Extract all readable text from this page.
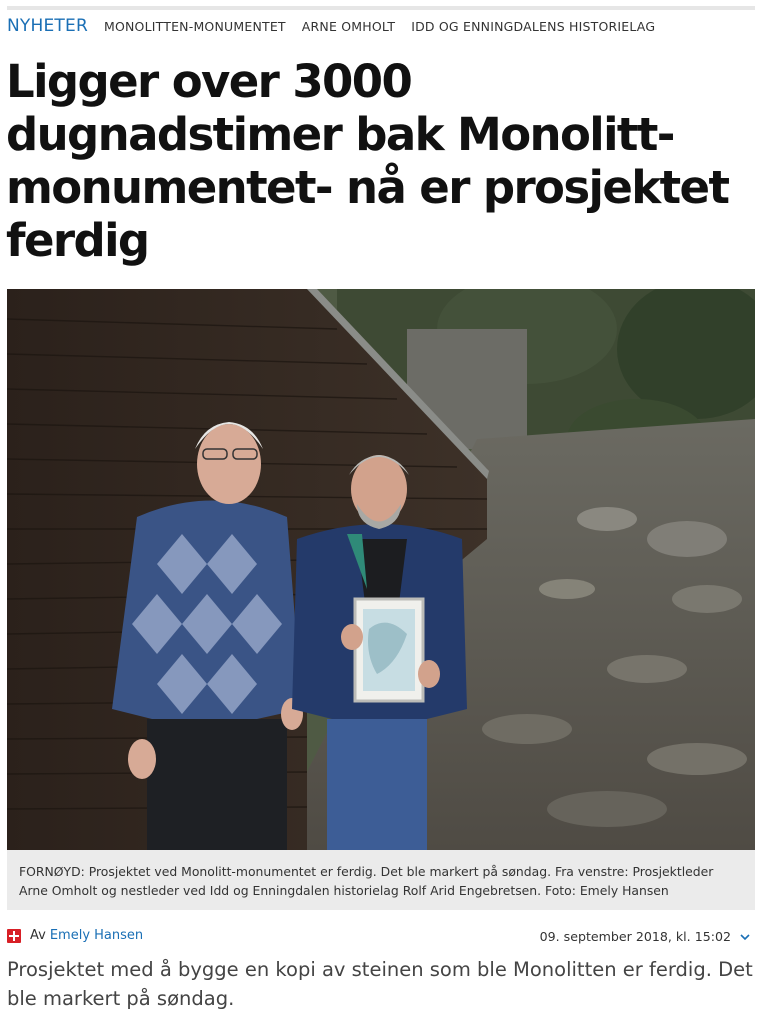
NYHETER MONOLITTEN-MONUMENTET ARNE OMHOLT IDD OG ENNINGDALENS HISTORIELAG
Ligger over 3000 dugnadstimer bak Monolitt-monumentet- nå er prosjektet ferdig
FORNØYD: Prosjektet ved Monolitt-monumentet er ferdig. Det ble markert på søndag. Fra venstre: Prosjektleder Arne Omholt og nestleder ved Idd og Enningdalen historielag Rolf Arid Engebretsen. Foto: Emely Hansen
Av Emely Hansen	09. september 2018, kl. 15:02

Prosjektet med å bygge en kopi av steinen som ble Monolitten er ferdig. Det ble markert på søndag.
